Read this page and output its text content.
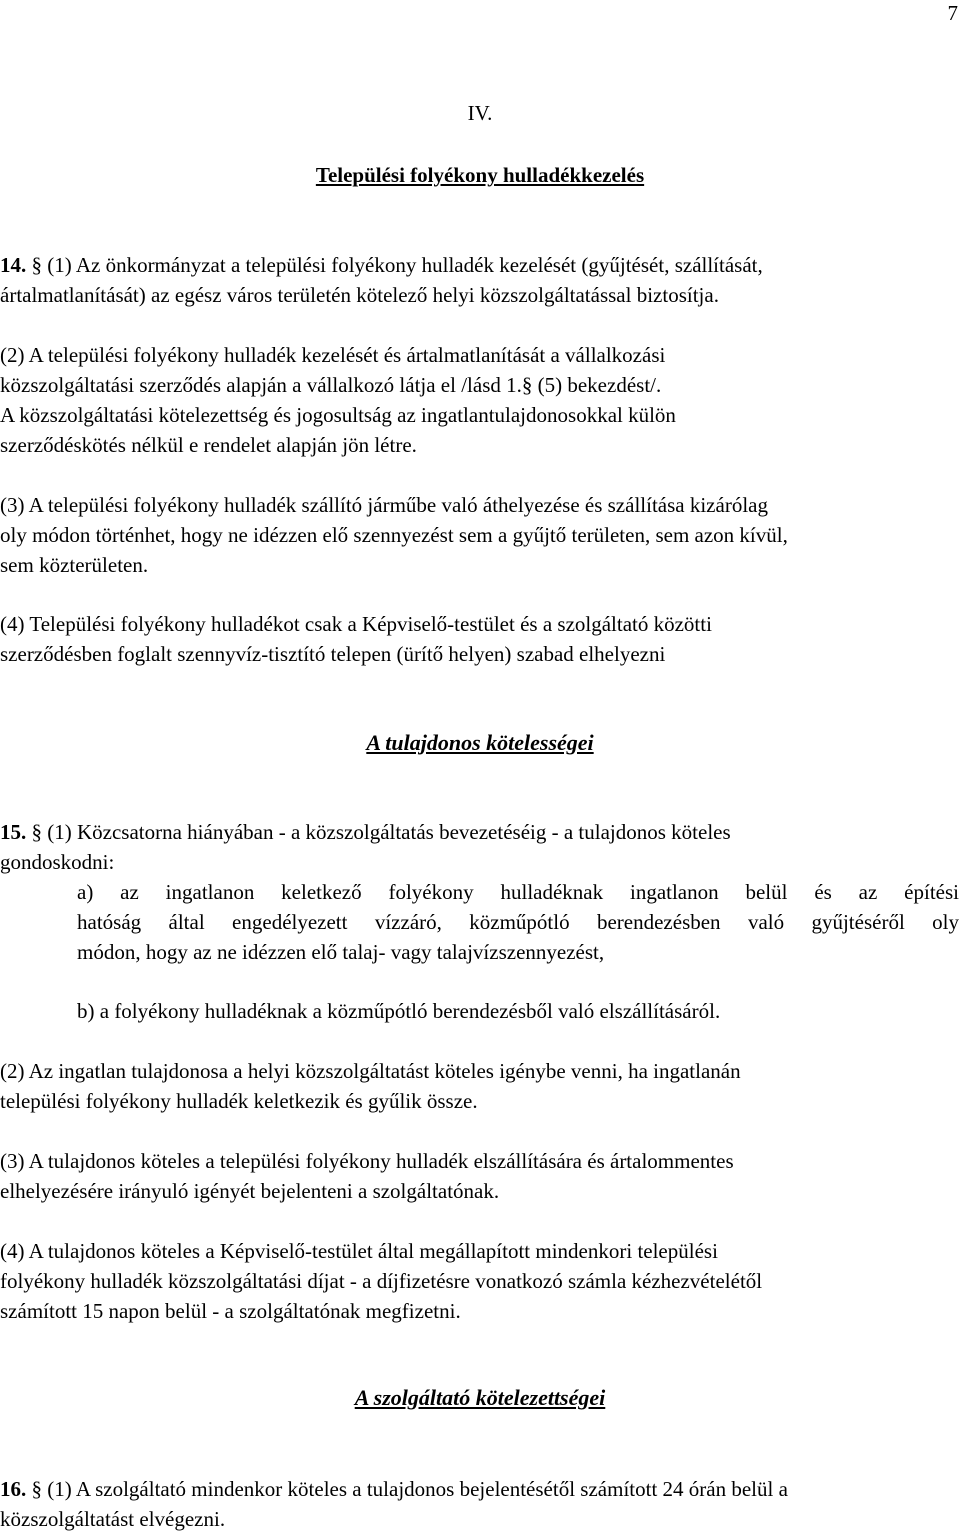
7
IV.
Települési folyékony hulladékkezelés
14. § (1) Az önkormányzat a települési folyékony hulladék kezelését (gyűjtését, szállítását,
ártalmatlanítását) az egész város területén kötelező helyi közszolgáltatással biztosítja.
(2) A települési folyékony hulladék kezelését és ártalmatlanítását a vállalkozási
közszolgáltatási szerződés alapján a vállalkozó látja el /lásd 1.§ (5) bekezdést/.
A közszolgáltatási kötelezettség és jogosultság az ingatlantulajdonosokkal külön
szerződéskötés nélkül e rendelet alapján jön létre.
(3) A települési folyékony hulladék szállító járműbe való áthelyezése és szállítása kizárólag
oly módon történhet, hogy ne idézzen elő szennyezést sem a gyűjtő területen, sem azon kívül,
sem közterületen.
(4) Települési folyékony hulladékot csak a Képviselő-testület és a szolgáltató közötti
szerződésben foglalt szennyvíz-tisztító telepen (ürítő helyen) szabad elhelyezni
A tulajdonos kötelességei
15. § (1) Közcsatorna hiányában - a közszolgáltatás bevezetéséig - a tulajdonos köteles
gondoskodni:
a) az ingatlanon keletkező folyékony hulladéknak ingatlanon belül és az építési
hatóság által engedélyezett vízzáró, közműpótló berendezésben való gyűjtéséről oly
módon, hogy az ne idézzen elő talaj- vagy talajvízszennyezést,
b) a folyékony hulladéknak a közműpótló berendezésből való elszállításáról.
(2) Az ingatlan tulajdonosa a helyi közszolgáltatást köteles igénybe venni, ha ingatlanán
települési folyékony hulladék keletkezik és gyűlik össze.
(3) A tulajdonos köteles a települési folyékony hulladék elszállítására és ártalommentes
elhelyezésére irányuló igényét bejelenteni a szolgáltatónak.
(4) A tulajdonos köteles a Képviselő-testület által megállapított mindenkori települési
folyékony hulladék közszolgáltatási díjat - a díjfizetésre vonatkozó számla kézhezvételétől
számított 15 napon belül - a szolgáltatónak megfizetni.
A szolgáltató kötelezettségei
16. § (1) A szolgáltató mindenkor köteles a tulajdonos bejelentésétől számított 24 órán belül a
közszolgáltatást elvégezni.
